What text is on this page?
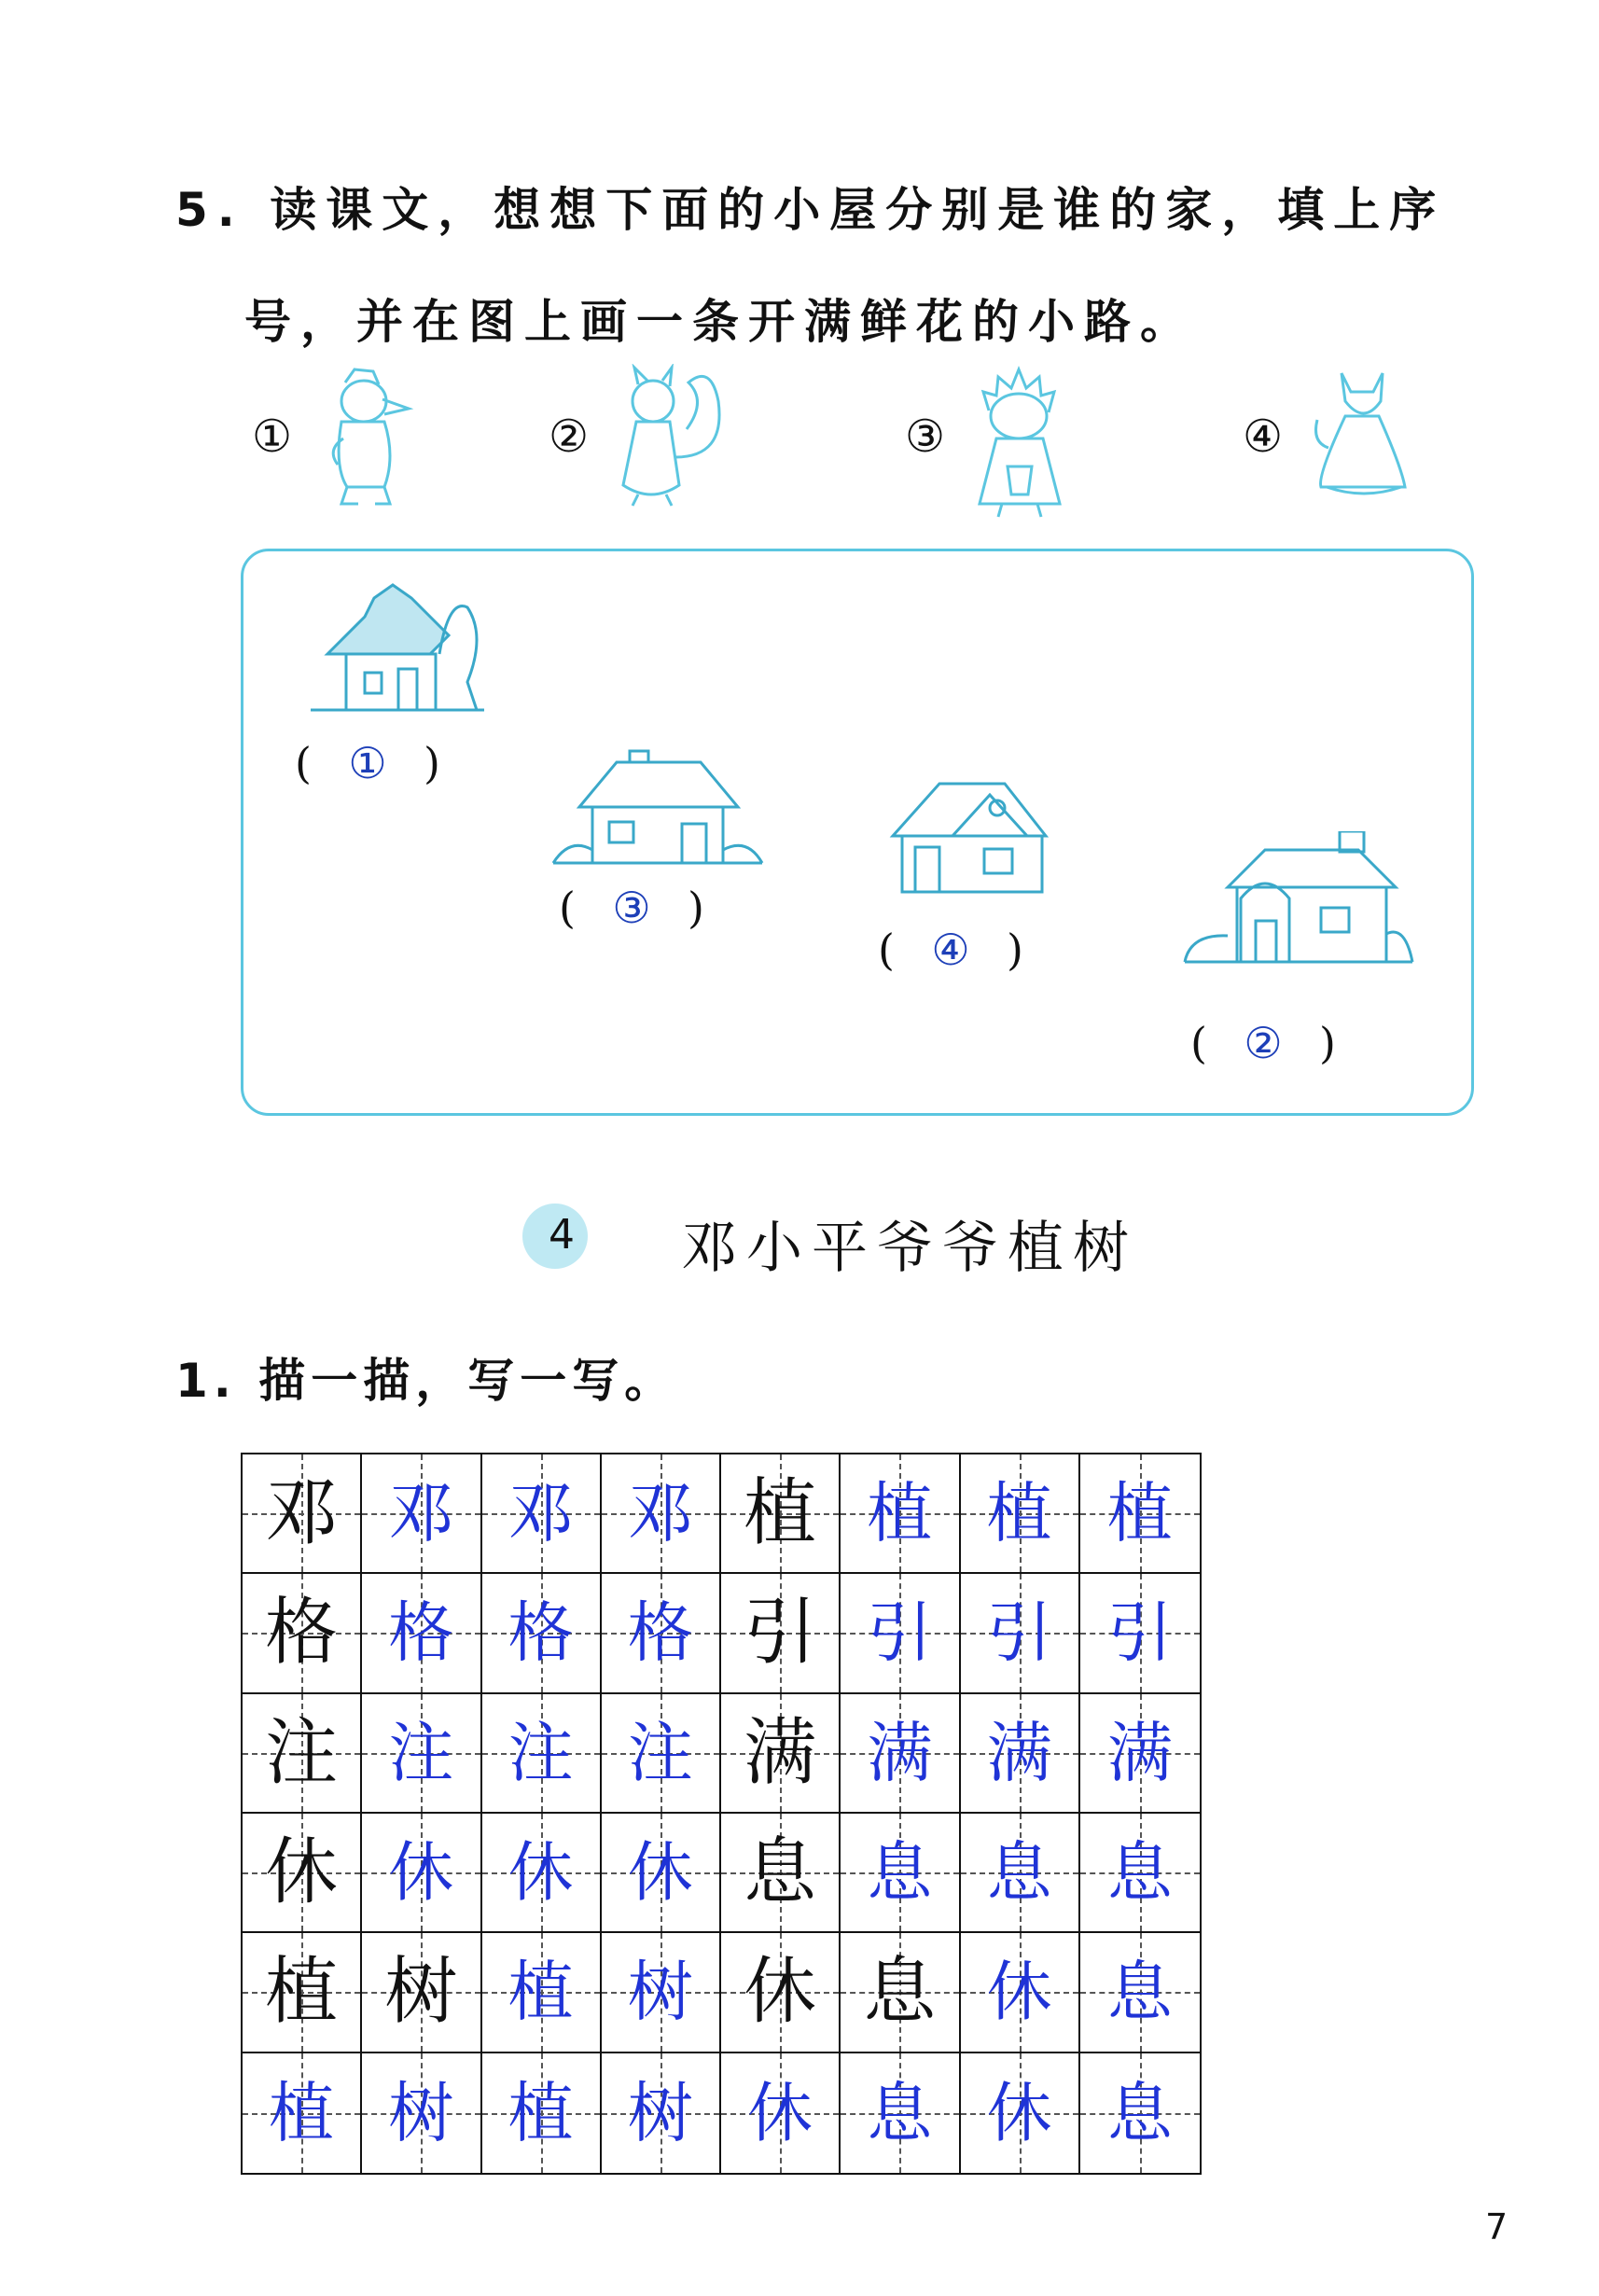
5. 读课文，想想下面的小屋分别是谁的家，填上序
号，并在图上画一条开满鲜花的小路。
①	②	③	④
( ① )
( ③ )
( ④ )
( ② )
4 邓小平爷爷植树
1. 描一描，写一写。
邓 邓 邓 邓 植 植 植 植
格 格 格 格 引 引 引 引
注 注 注 注 满 满 满 满
休 休 休 休 息 息 息 息
植 树 植 树 休 息 休 息
植 树 植 树 休 息 休 息
7
